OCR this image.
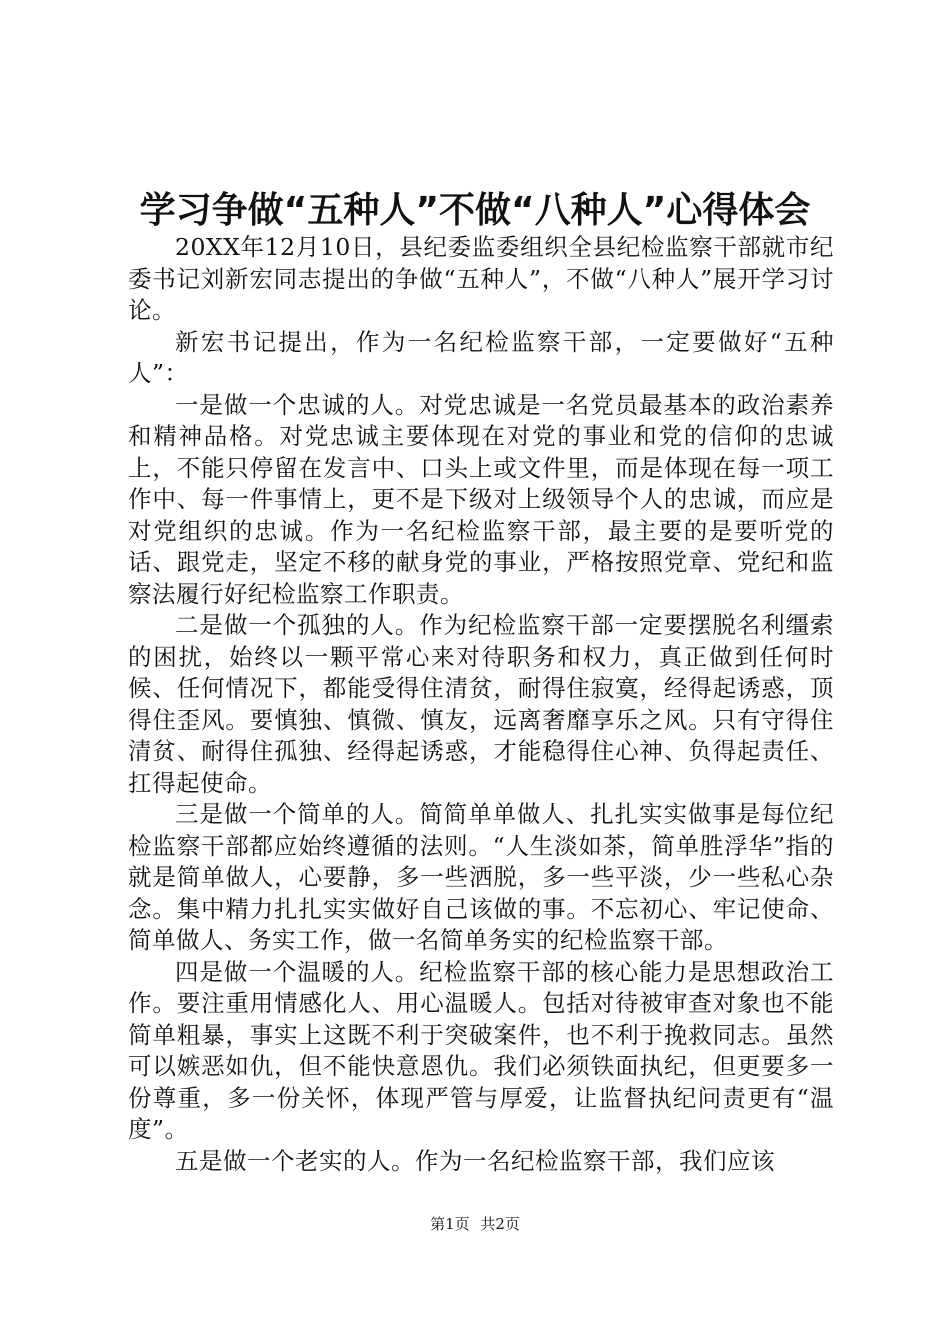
学习争做“五种人”不做“八种人”心得体会

20XX年12月10日，县纪委监委组织全县纪检监察干部就市纪委书记刘新宏同志提出的争做“五种人”，不做“八种人”展开学习讨论。

新宏书记提出，作为一名纪检监察干部，一定要做好“五种人”：

一是做一个忠诚的人。对党忠诚是一名党员最基本的政治素养和精神品格。对党忠诚主要体现在对党的事业和党的信仰的忠诚上，不能只停留在发言中、口头上或文件里，而是体现在每一项工作中、每一件事情上，更不是下级对上级领导个人的忠诚，而应是对党组织的忠诚。作为一名纪检监察干部，最主要的是要听党的话、跟党走，坚定不移的献身党的事业，严格按照党章、党纪和监察法履行好纪检监察工作职责。

二是做一个孤独的人。作为纪检监察干部一定要摆脱名利缰索的困扰，始终以一颗平常心来对待职务和权力，真正做到任何时候、任何情况下，都能受得住清贫，耐得住寂寞，经得起诱惑，顶得住歪风。要慎独、慎微、慎友，远离奢靡享乐之风。只有守得住清贫、耐得住孤独、经得起诱惑，才能稳得住心神、负得起责任、扛得起使命。

三是做一个简单的人。简简单单做人、扎扎实实做事是每位纪检监察干部都应始终遵循的法则。“人生淡如茶，简单胜浮华”指的就是简单做人，心要静，多一些洒脱，多一些平淡，少一些私心杂念。集中精力扎扎实实做好自己该做的事。不忘初心、牢记使命、简单做人、务实工作，做一名简单务实的纪检监察干部。

四是做一个温暖的人。纪检监察干部的核心能力是思想政治工作。要注重用情感化人、用心温暖人。包括对待被审查对象也不能简单粗暴，事实上这既不利于突破案件，也不利于挽救同志。虽然可以嫉恶如仇，但不能快意恩仇。我们必须铁面执纪，但更要多一份尊重，多一份关怀，体现严管与厚爱，让监督执纪问责更有“温度”。

五是做一个老实的人。作为一名纪检监察干部，我们应该

第1页 共2页
